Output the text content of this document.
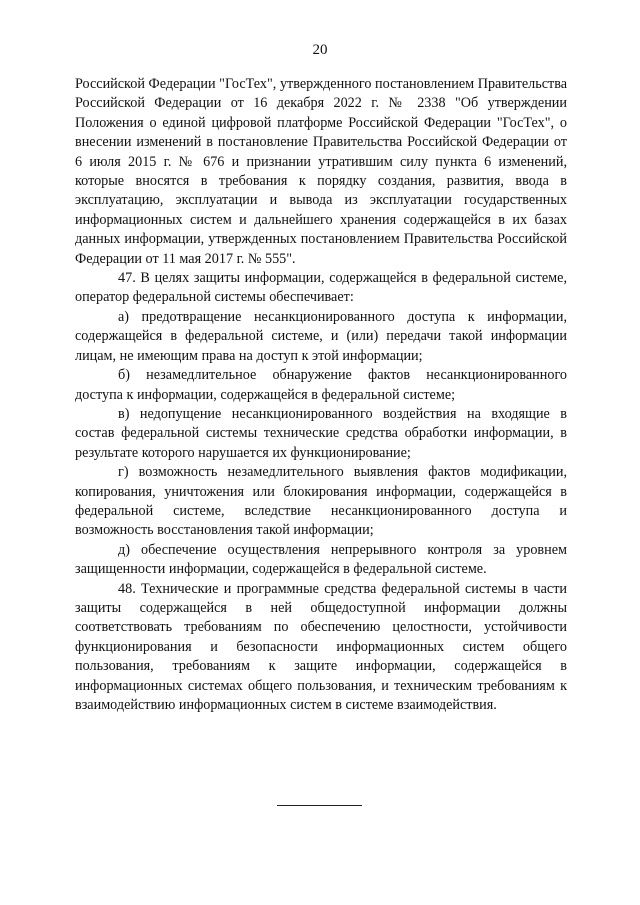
20

Российской Федерации "ГосТех", утвержденного постановлением Правительства Российской Федерации от 16 декабря 2022 г. № 2338 "Об утверждении Положения о единой цифровой платформе Российской Федерации "ГосТех", о внесении изменений в постановление Правительства Российской Федерации от 6 июля 2015 г. № 676 и признании утратившим силу пункта 6 изменений, которые вносятся в требования к порядку создания, развития, ввода в эксплуатацию, эксплуатации и вывода из эксплуатации государственных информационных систем и дальнейшего хранения содержащейся в их базах данных информации, утвержденных постановлением Правительства Российской Федерации от 11 мая 2017 г. № 555".

47. В целях защиты информации, содержащейся в федеральной системе, оператор федеральной системы обеспечивает:

а) предотвращение несанкционированного доступа к информации, содержащейся в федеральной системе, и (или) передачи такой информации лицам, не имеющим права на доступ к этой информации;

б) незамедлительное обнаружение фактов несанкционированного доступа к информации, содержащейся в федеральной системе;

в) недопущение несанкционированного воздействия на входящие в состав федеральной системы технические средства обработки информации, в результате которого нарушается их функционирование;

г) возможность незамедлительного выявления фактов модификации, копирования, уничтожения или блокирования информации, содержащейся в федеральной системе, вследствие несанкционированного доступа и возможность восстановления такой информации;

д) обеспечение осуществления непрерывного контроля за уровнем защищенности информации, содержащейся в федеральной системе.

48. Технические и программные средства федеральной системы в части защиты содержащейся в ней общедоступной информации должны соответствовать требованиям по обеспечению целостности, устойчивости функционирования и безопасности информационных систем общего пользования, требованиям к защите информации, содержащейся в информационных системах общего пользования, и техническим требованиям к взаимодействию информационных систем в системе взаимодействия.
